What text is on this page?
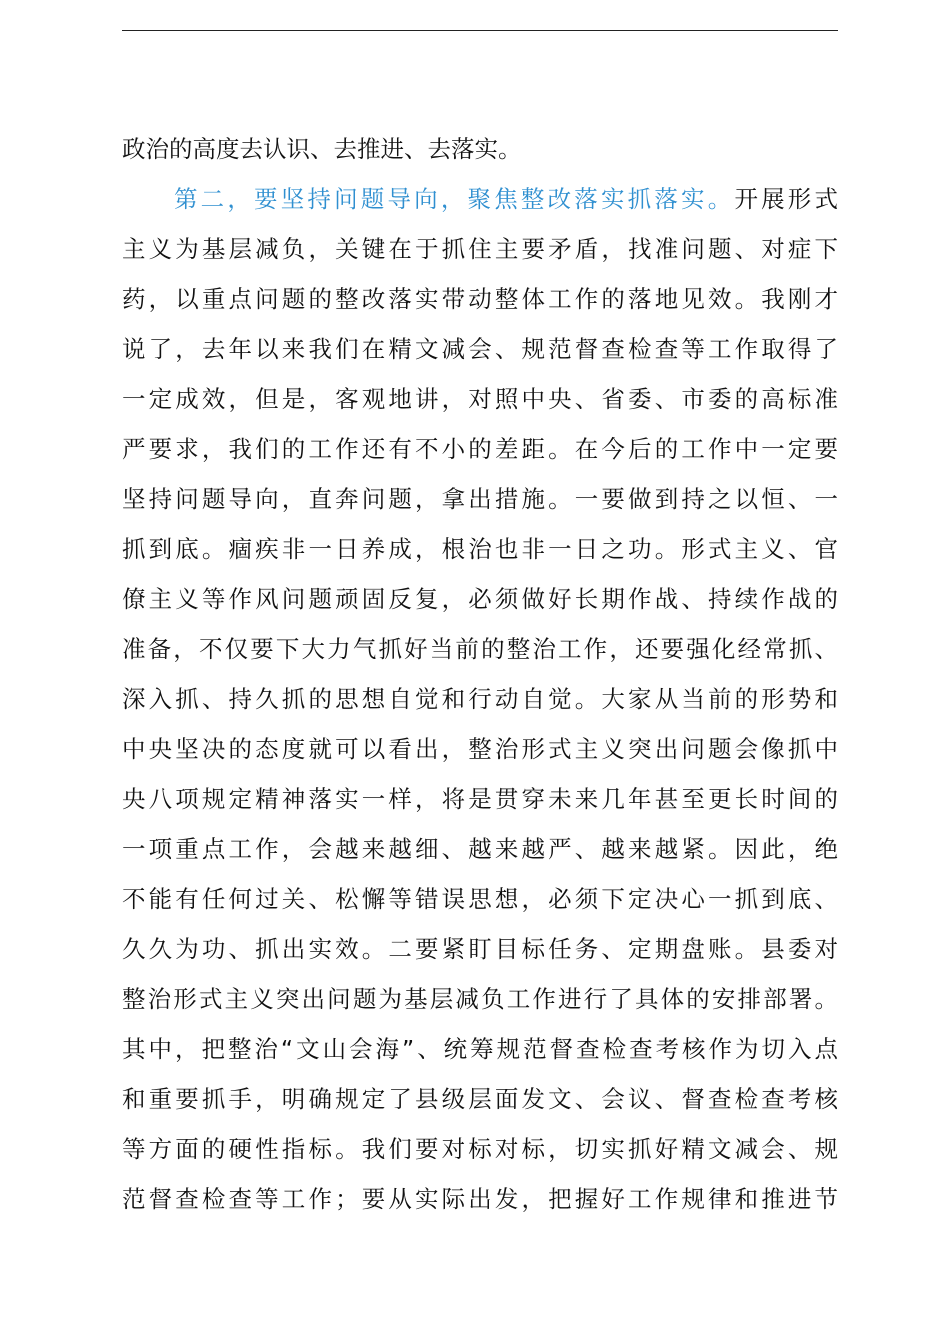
政治的高度去认识、去推进、去落实。
第二，要坚持问题导向，聚焦整改落实抓落实。开展形式
主义为基层减负，关键在于抓住主要矛盾，找准问题、对症下
药，以重点问题的整改落实带动整体工作的落地见效。我刚才
说了，去年以来我们在精文减会、规范督查检查等工作取得了
一定成效，但是，客观地讲，对照中央、省委、市委的高标准
严要求，我们的工作还有不小的差距。在今后的工作中一定要
坚持问题导向，直奔问题，拿出措施。一要做到持之以恒、一
抓到底。痼疾非一日养成，根治也非一日之功。形式主义、官
僚主义等作风问题顽固反复，必须做好长期作战、持续作战的
准备，不仅要下大力气抓好当前的整治工作，还要强化经常抓、
深入抓、持久抓的思想自觉和行动自觉。大家从当前的形势和
中央坚决的态度就可以看出，整治形式主义突出问题会像抓中
央八项规定精神落实一样，将是贯穿未来几年甚至更长时间的
一项重点工作，会越来越细、越来越严、越来越紧。因此，绝
不能有任何过关、松懈等错误思想，必须下定决心一抓到底、
久久为功、抓出实效。二要紧盯目标任务、定期盘账。县委对
整治形式主义突出问题为基层减负工作进行了具体的安排部署。
其中，把整治“文山会海”、统筹规范督查检查考核作为切入点
和重要抓手，明确规定了县级层面发文、会议、督查检查考核
等方面的硬性指标。我们要对标对标，切实抓好精文减会、规
范督查检查等工作；要从实际出发，把握好工作规律和推进节
